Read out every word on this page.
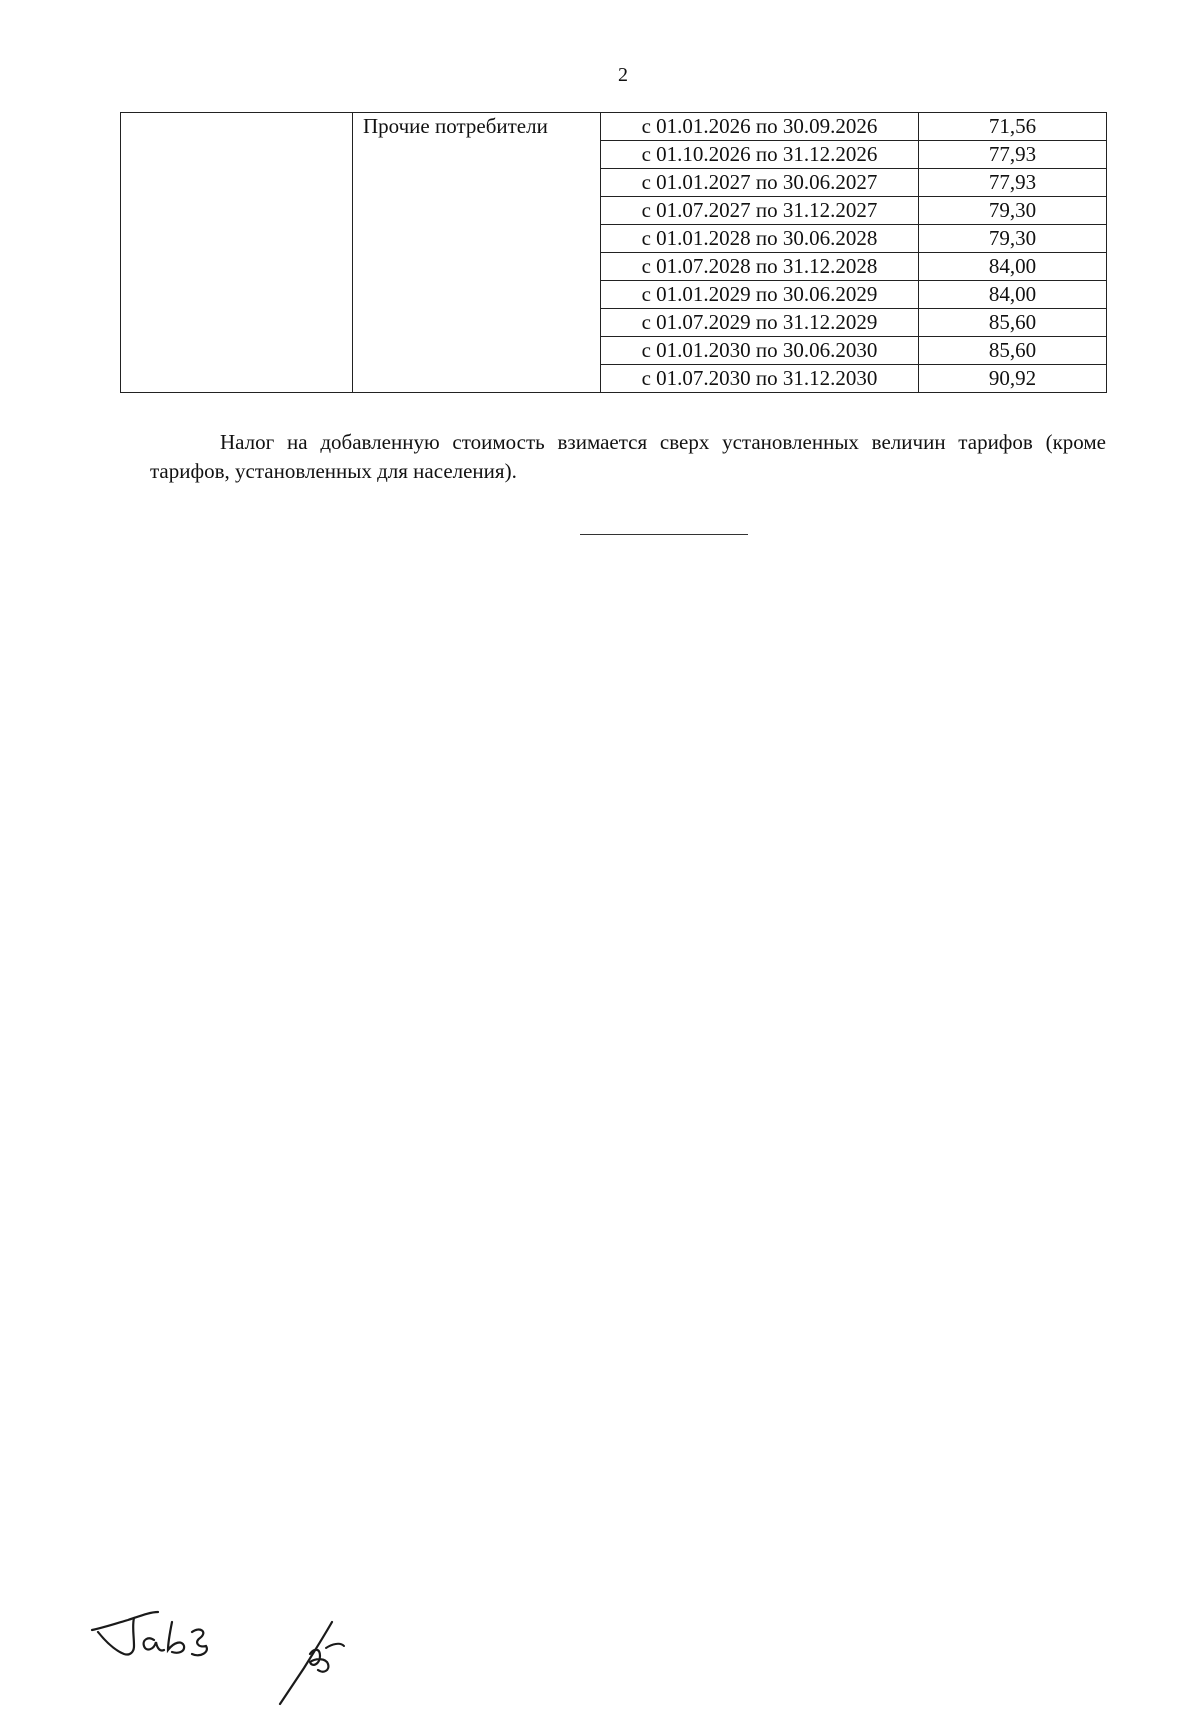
2
	Прочие потребители	с 01.01.2026 по 30.09.2026	71,56
		с 01.10.2026 по 31.12.2026	77,93
		с 01.01.2027 по 30.06.2027	77,93
		с 01.07.2027 по 31.12.2027	79,30
		с 01.01.2028 по 30.06.2028	79,30
		с 01.07.2028 по 31.12.2028	84,00
		с 01.01.2029 по 30.06.2029	84,00
		с 01.07.2029 по 31.12.2029	85,60
		с 01.01.2030 по 30.06.2030	85,60
		с 01.07.2030 по 31.12.2030	90,92

Налог на добавленную стоимость взимается сверх установленных величин тарифов (кроме тарифов, установленных для населения).
